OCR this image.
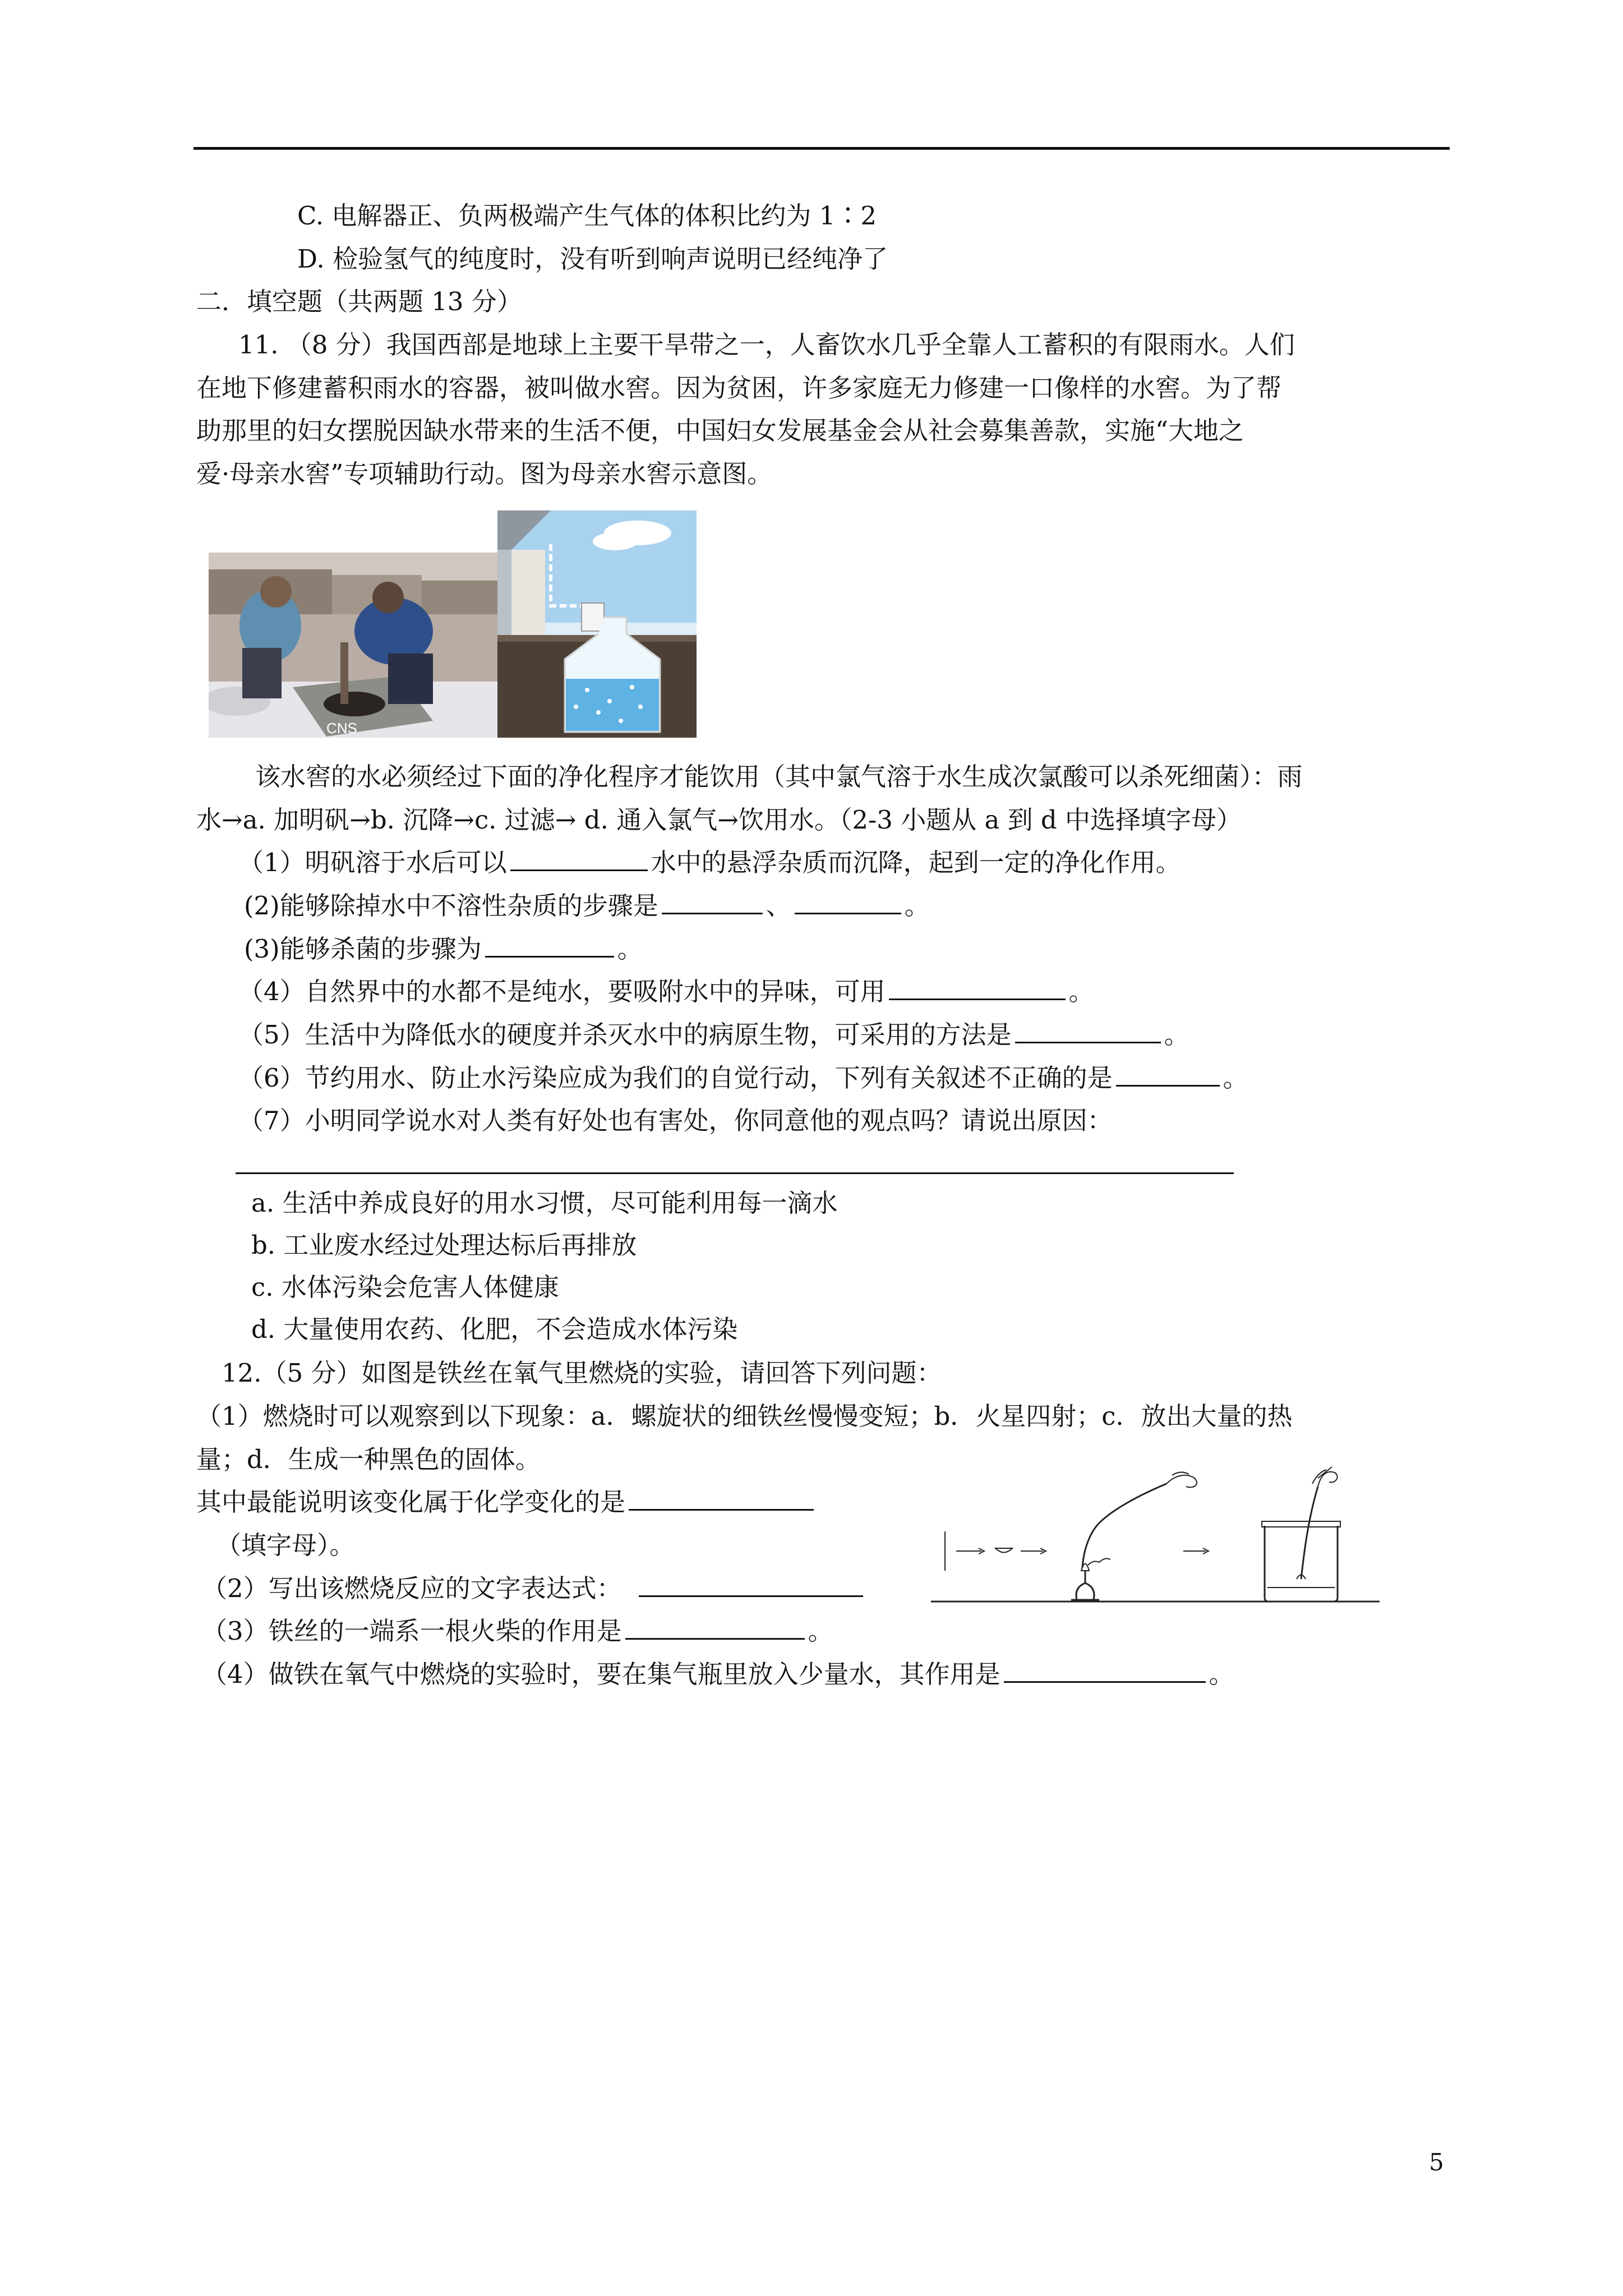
C. 电解器正、负两极端产生气体的体积比约为 1∶2
D. 检验氢气的纯度时，没有听到响声说明已经纯净了
二．填空题（共两题 13 分）
11. （8 分）我国西部是地球上主要干旱带之一，人畜饮水几乎全靠人工蓄积的有限雨水。人们
在地下修建蓄积雨水的容器，被叫做水窖。因为贫困，许多家庭无力修建一口像样的水窖。为了帮
助那里的妇女摆脱因缺水带来的生活不便，中国妇女发展基金会从社会募集善款，实施“大地之
爱·母亲水窖”专项辅助行动。图为母亲水窖示意图。
CNS
该水窖的水必须经过下面的净化程序才能饮用（其中氯气溶于水生成次氯酸可以杀死细菌）：雨
水→a. 加明矾→b. 沉降→c. 过滤→ d. 通入氯气→饮用水。（2-3 小题从 a 到 d 中选择填字母）
（1）明矾溶于水后可以	水中的悬浮杂质而沉降，起到一定的净化作用。
(2)能够除掉水中不溶性杂质的步骤是	、	。
(3)能够杀菌的步骤为	。
（4）自然界中的水都不是纯水，要吸附水中的异味，可用	。
（5）生活中为降低水的硬度并杀灭水中的病原生物，可采用的方法是	。
（6）节约用水、防止水污染应成为我们的自觉行动，下列有关叙述不正确的是	。
（7）小明同学说水对人类有好处也有害处，你同意他的观点吗？请说出原因：
a. 生活中养成良好的用水习惯，尽可能利用每一滴水
b. 工业废水经过处理达标后再排放
c. 水体污染会危害人体健康
d. 大量使用农药、化肥，不会造成水体污染
12.（5 分）如图是铁丝在氧气里燃烧的实验，请回答下列问题：
（1）燃烧时可以观察到以下现象：a．螺旋状的细铁丝慢慢变短；b．火星四射；c．放出大量的热
量；d．生成一种黑色的固体。
其中最能说明该变化属于化学变化的是
（填字母）。
（2）写出该燃烧反应的文字表达式：
（3）铁丝的一端系一根火柴的作用是	。
（4）做铁在氧气中燃烧的实验时，要在集气瓶里放入少量水，其作用是	。
5
